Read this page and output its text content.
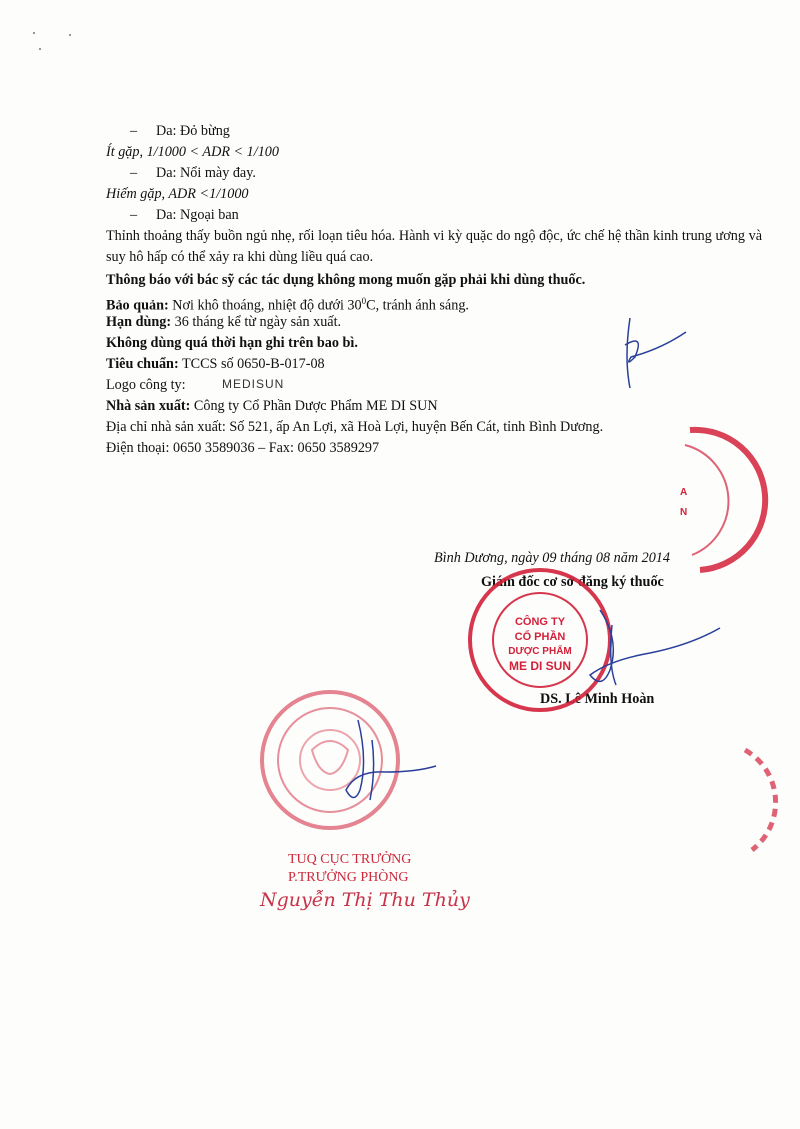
– Da: Đỏ bừng
Ít gặp, 1/1000 < ADR < 1/100
– Da: Nổi mày đay.
Hiếm gặp, ADR <1/1000
– Da: Ngoại ban
Thỉnh thoảng thấy buồn ngủ nhẹ, rối loạn tiêu hóa. Hành vi kỳ quặc do ngộ độc, ức chế hệ thần kinh trung ương và suy hô hấp có thể xảy ra khi dùng liều quá cao.
Thông báo với bác sỹ các tác dụng không mong muốn gặp phải khi dùng thuốc.
Bảo quản: Nơi khô thoáng, nhiệt độ dưới $30^0C$, tránh ánh sáng.
Hạn dùng: 36 tháng kể từ ngày sản xuất.
Không dùng quá thời hạn ghi trên bao bì.
Tiêu chuẩn: TCCS số 0650-B-017-08
Logo công ty:	MEDISUN
Nhà sản xuất: Công ty Cổ Phần Dược Phẩm ME DI SUN
Địa chỉ nhà sản xuất: Số 521, ấp An Lợi, xã Hoà Lợi, huyện Bến Cát, tỉnh Bình Dương.
Điện thoại: 0650 3589036 – Fax: 0650 3589297
Bình Dương, ngày 09 tháng 08 năm 2014
Giám đốc cơ sở đăng ký thuốc
DS. Lê Minh Hoàn
TUQ CỤC TRƯỞNG
P.TRƯỞNG PHÒNG
Nguyễn Thị Thu Thủy
A
N
CÔNG TY
CỔ PHẦN
DƯỢC PHẨM
ME DI SUN
